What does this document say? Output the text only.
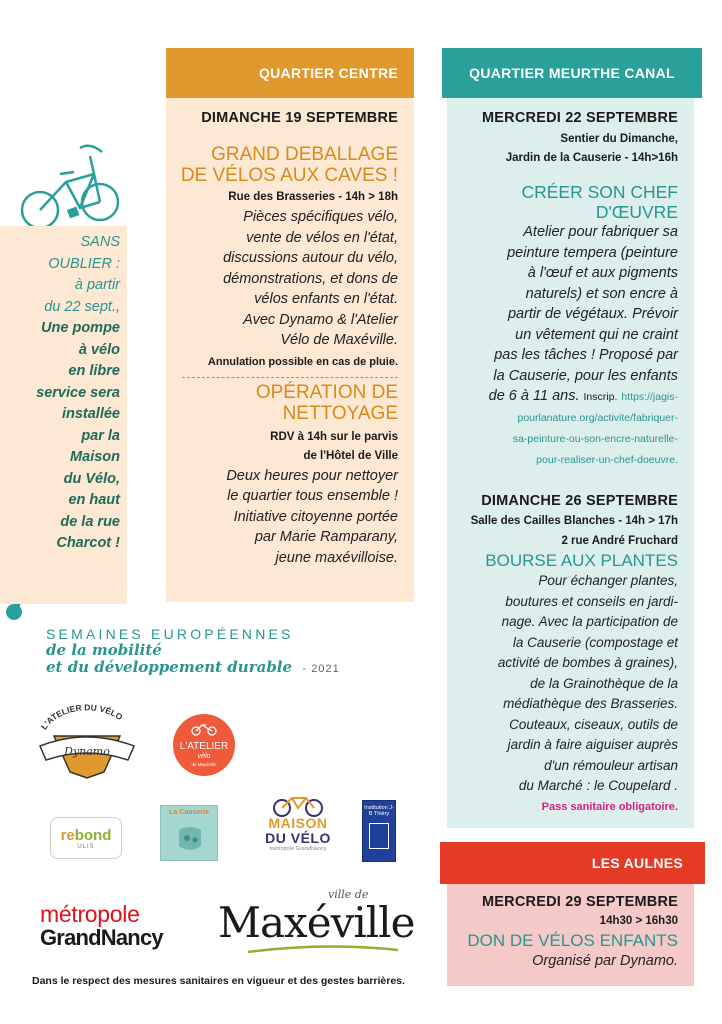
SANS
OUBLIER :
à partir
du 22 sept.,
Une pompe
à vélo
en libre
service sera
installée
par la
Maison
du Vélo,
en haut
de la rue
Charcot !
QUARTIER CENTRE
DIMANCHE 19 SEPTEMBRE
GRAND DEBALLAGE
DE VÉLOS AUX CAVES !
Rue des Brasseries - 14h > 18h
Pièces spécifiques vélo,
vente de vélos en l'état,
discussions autour du vélo,
démonstrations, et dons de
vélos enfants en l'état.
Avec Dynamo & l'Atelier
Vélo de Maxéville.
Annulation possible en cas de pluie.
OPÉRATION DE
NETTOYAGE
RDV à 14h sur le parvis
de l'Hôtel de Ville
Deux heures pour nettoyer
le quartier tous ensemble !
Initiative citoyenne portée
par Marie Ramparany,
jeune maxévilloise.
QUARTIER MEURTHE CANAL
MERCREDI 22 SEPTEMBRE
Sentier du Dimanche,
Jardin de la Causerie - 14h>16h
CRÉER SON CHEF D'ŒUVRE
Atelier pour fabriquer sa
peinture tempera (peinture
à l'œuf et aux pigments
naturels) et son encre à
partir de végétaux. Prévoir
un vêtement qui ne craint
pas les tâches ! Proposé par
la Causerie, pour les enfants
de 6 à 11 ans. Inscrip. https://jagis-
pourlanature.org/activite/fabriquer-
sa-peinture-ou-son-encre-naturelle-
pour-realiser-un-chef-doeuvre.
DIMANCHE 26 SEPTEMBRE
Salle des Cailles Blanches - 14h > 17h
2 rue André Fruchard
BOURSE AUX PLANTES
Pour échanger plantes,
boutures et conseils en jardi-
nage. Avec la participation de
la Causerie (compostage et
activité de bombes à graines),
de la Grainothèque de la
médiathèque des Brasseries.
Couteaux, ciseaux, outils de
jardin à faire aiguiser auprès
d'un rémouleur artisan
du Marché : le Coupelard .
Pass sanitaire obligatoire.
LES AULNES
MERCREDI 29 SEPTEMBRE
14h30 > 16h30
DON DE VÉLOS ENFANTS
Organisé par Dynamo.
SEMAINES EUROPÉENNES
de la mobilité
et du développement durable - 2021
L'ATELIER DU VÉLO
Dynamo	L'ATELIER
vélo
de Maxéville
rebond
ULIS
La Causerie
MAISON
DU VÉLO
métropole GrandNancy
Institution J-B Thiéry
métropole
GrandNancy
ville de
Maxéville
Dans le respect des mesures sanitaires en vigueur et des gestes barrières.
